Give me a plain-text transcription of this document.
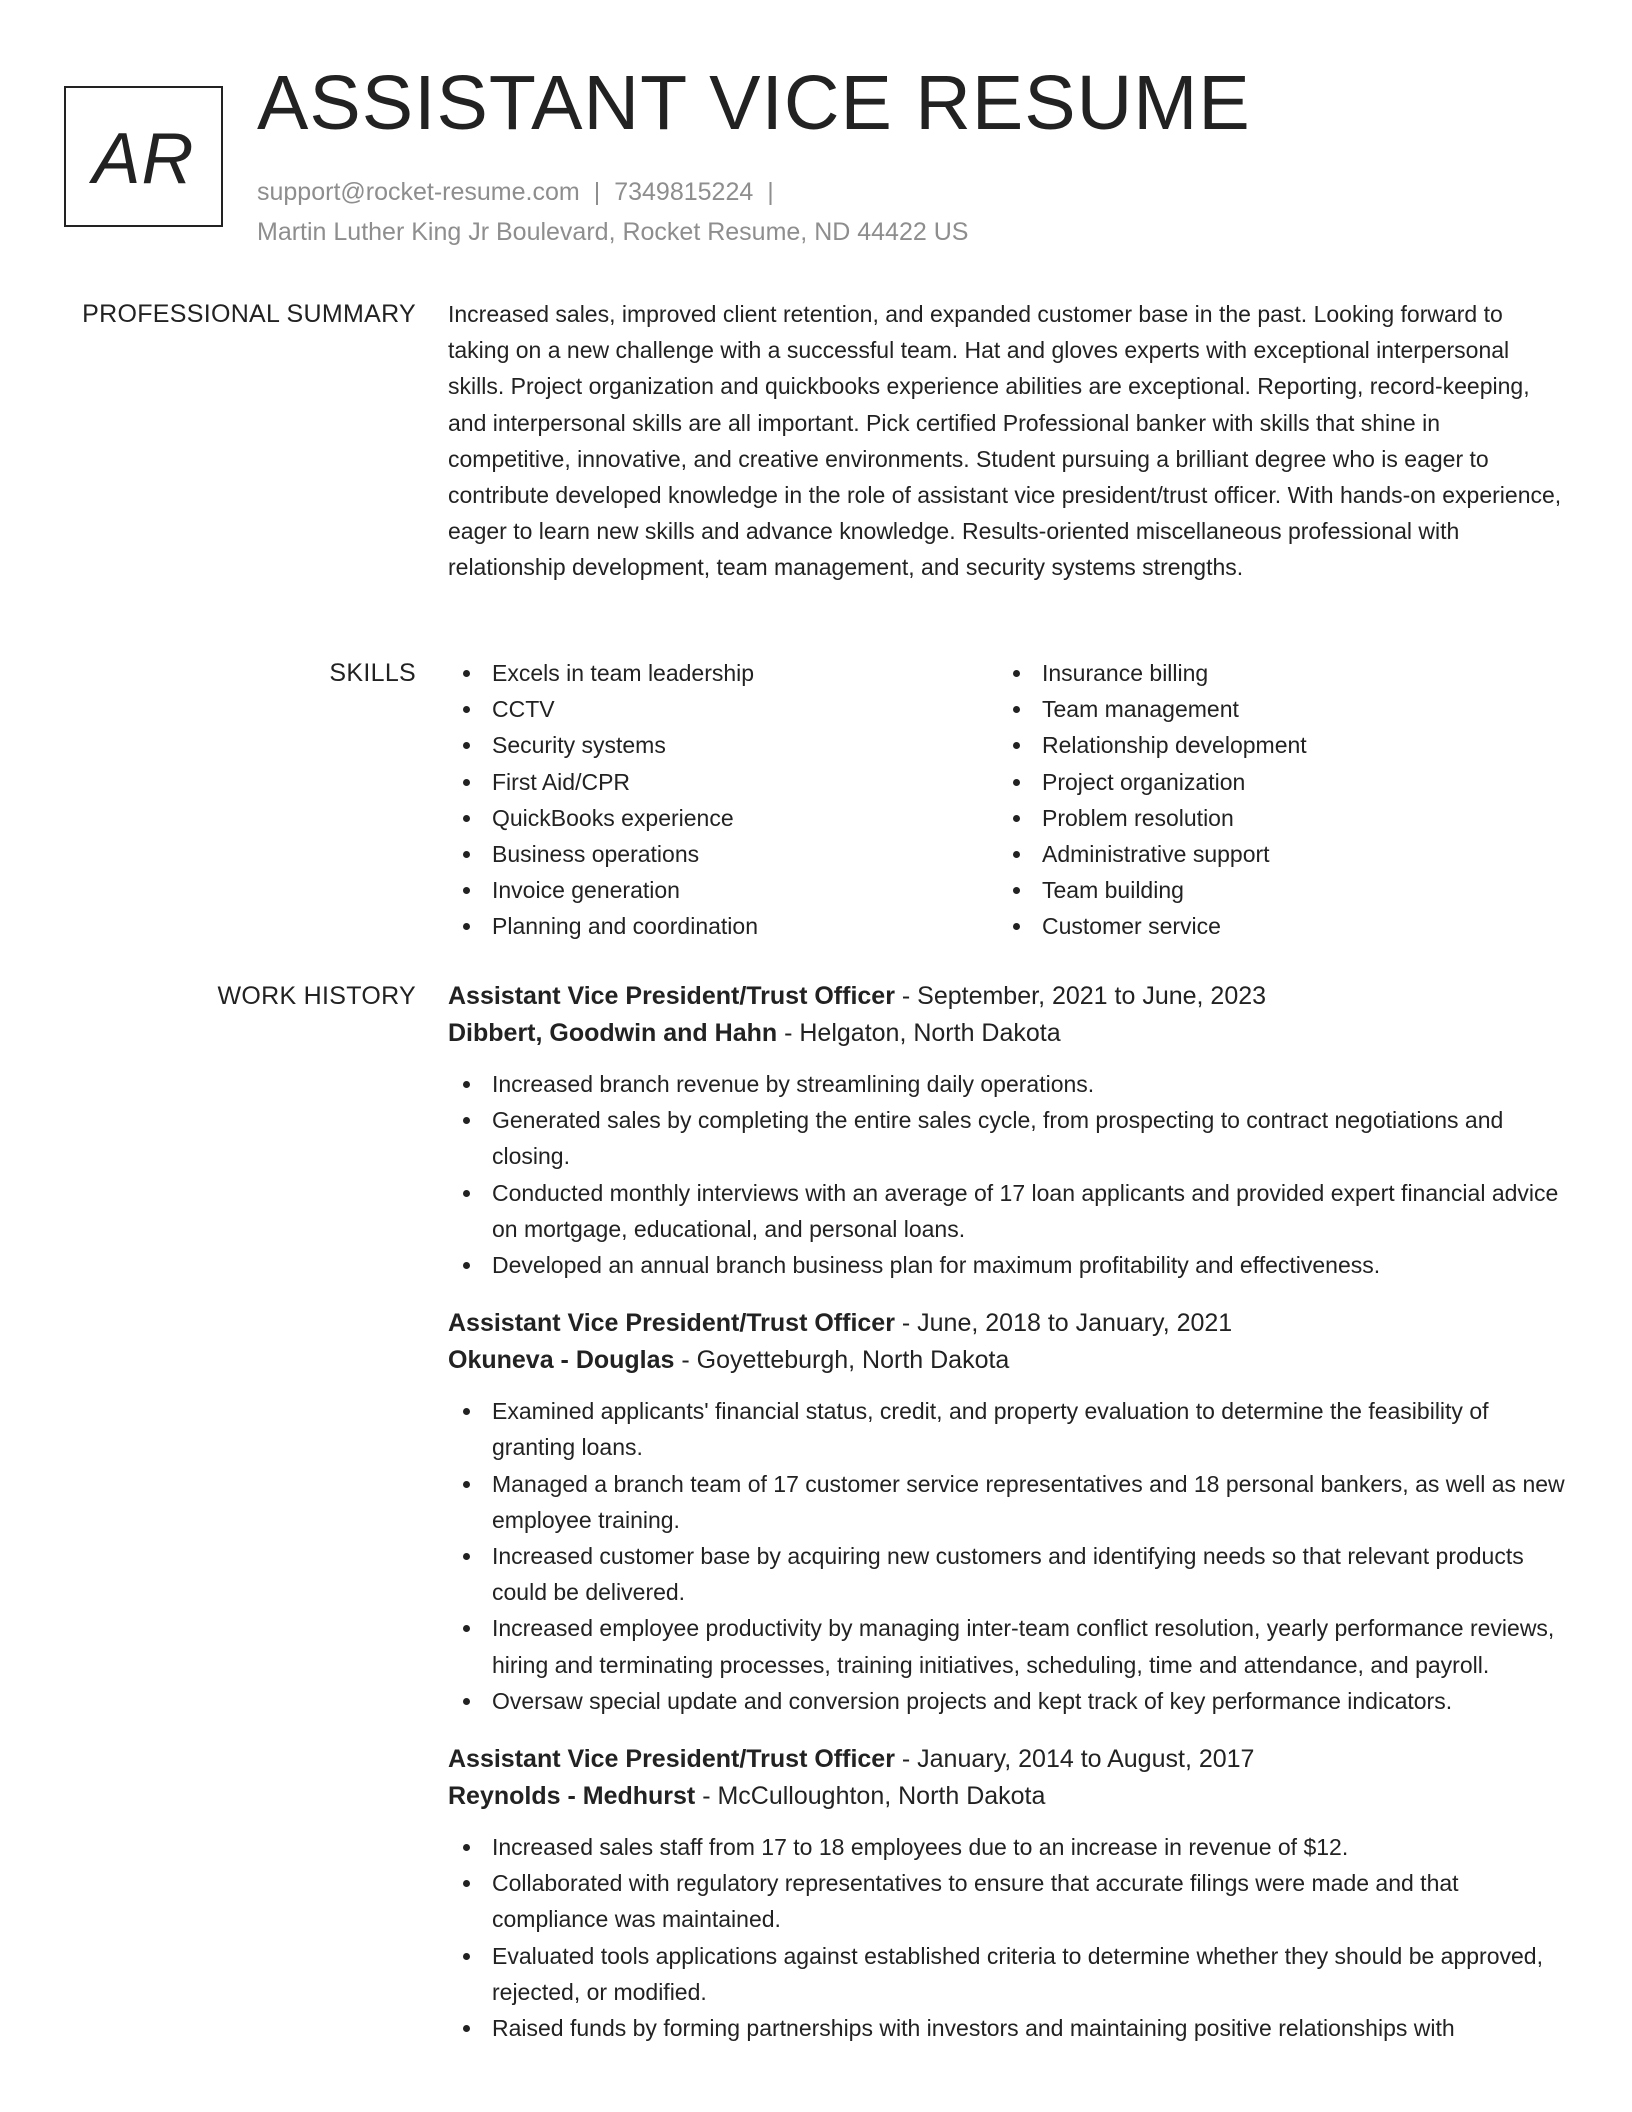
AR
ASSISTANT VICE RESUME
support@rocket-resume.com | 7349815224 |
Martin Luther King Jr Boulevard, Rocket Resume, ND 44422 US
PROFESSIONAL SUMMARY Increased sales, improved client retention, and expanded customer base in the past. Looking forward to taking on a new challenge with a successful team. Hat and gloves experts with exceptional interpersonal skills. Project organization and quickbooks experience abilities are exceptional. Reporting, record-keeping, and interpersonal skills are all important. Pick certified Professional banker with skills that shine in competitive, innovative, and creative environments. Student pursuing a brilliant degree who is eager to contribute developed knowledge in the role of assistant vice president/trust officer. With hands-on experience, eager to learn new skills and advance knowledge. Results-oriented miscellaneous professional with relationship development, team management, and security systems strengths.

SKILLS	Excels in team leadership
CCTV
Security systems
First Aid/CPR
QuickBooks experience
Business operations
Invoice generation
Planning and coordination
Insurance billing
Team management
Relationship development
Project organization
Problem resolution
Administrative support
Team building
Customer service
WORK HISTORY Assistant Vice President/Trust Officer - September, 2021 to June, 2023
Dibbert, Goodwin and Hahn - Helgaton, North Dakota
Increased branch revenue by streamlining daily operations.
Generated sales by completing the entire sales cycle, from prospecting to contract negotiations and closing.
Conducted monthly interviews with an average of 17 loan applicants and provided expert financial advice on mortgage, educational, and personal loans.
Developed an annual branch business plan for maximum profitability and effectiveness.
Assistant Vice President/Trust Officer - June, 2018 to January, 2021
Okuneva - Douglas - Goyetteburgh, North Dakota
Examined applicants' financial status, credit, and property evaluation to determine the feasibility of granting loans.
Managed a branch team of 17 customer service representatives and 18 personal bankers, as well as new employee training.
Increased customer base by acquiring new customers and identifying needs so that relevant products could be delivered.
Increased employee productivity by managing inter-team conflict resolution, yearly performance reviews, hiring and terminating processes, training initiatives, scheduling, time and attendance, and payroll.
Oversaw special update and conversion projects and kept track of key performance indicators.
Assistant Vice President/Trust Officer - January, 2014 to August, 2017
Reynolds - Medhurst - McCulloughton, North Dakota
Increased sales staff from 17 to 18 employees due to an increase in revenue of $12.
Collaborated with regulatory representatives to ensure that accurate filings were made and that compliance was maintained.
Evaluated tools applications against established criteria to determine whether they should be approved, rejected, or modified.
Raised funds by forming partnerships with investors and maintaining positive relationships with
